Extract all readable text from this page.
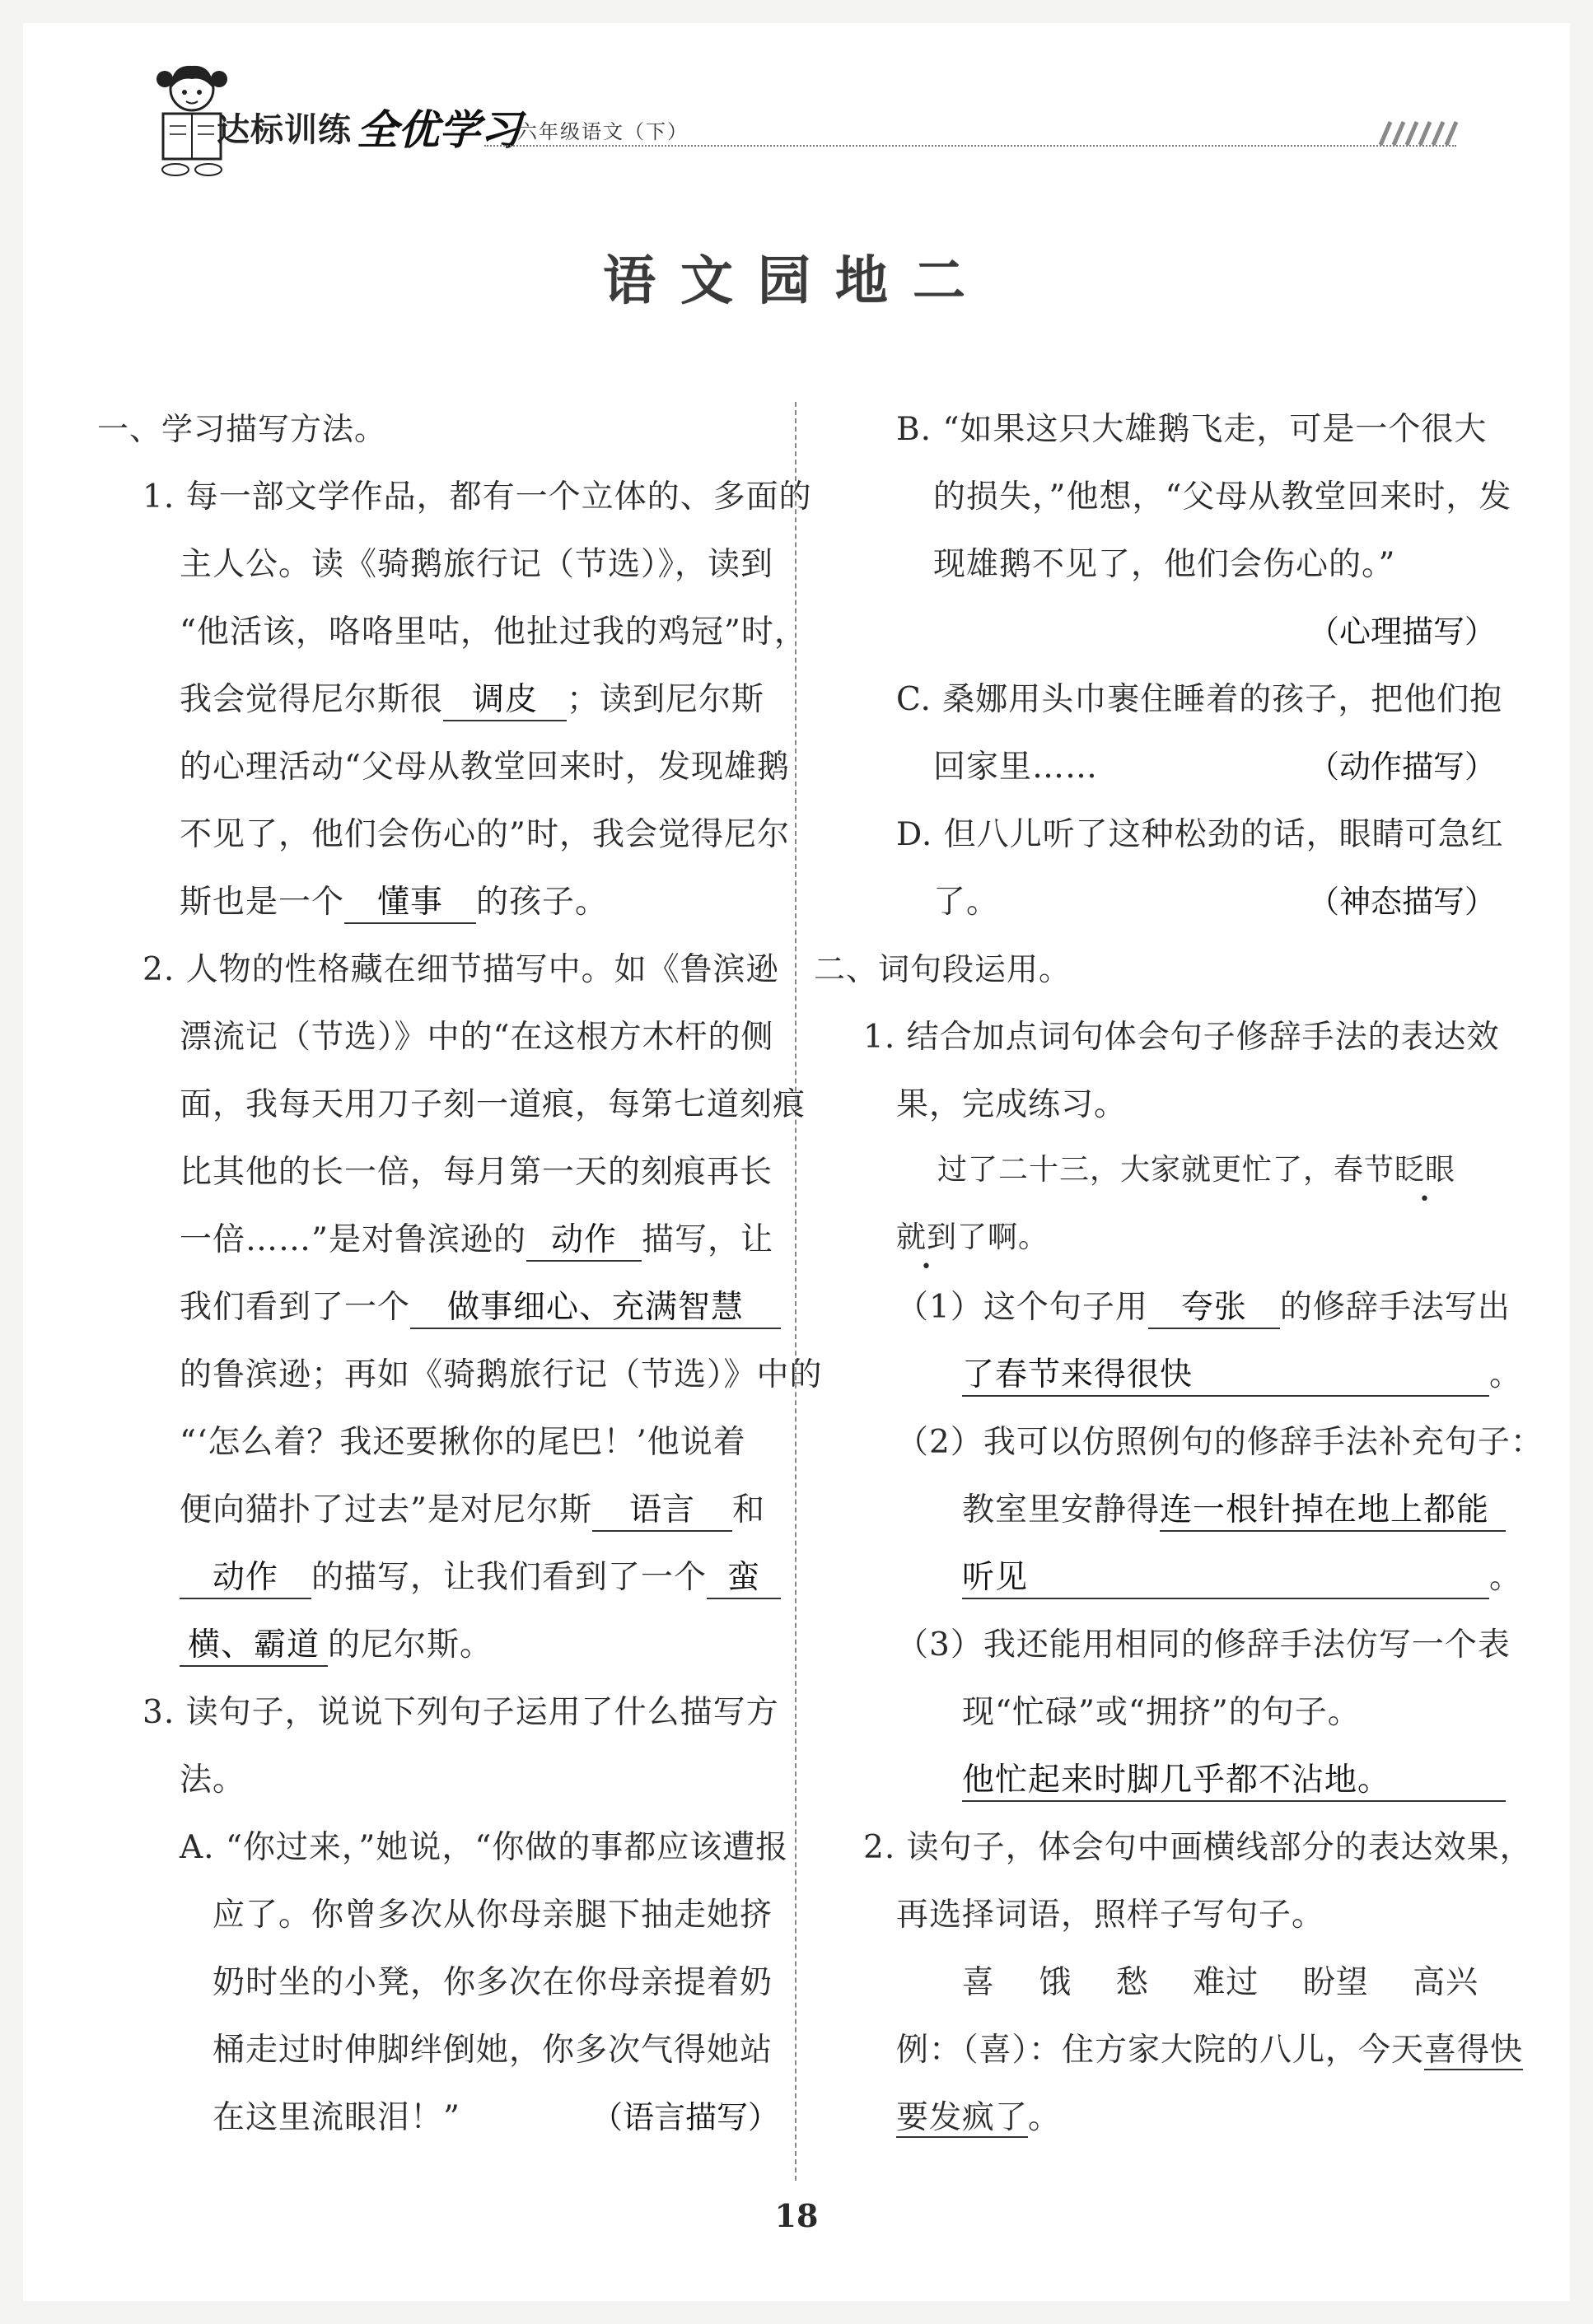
达标训练 全优学习
六年级语文（下）
语文园地二
一、学习描写方法。
1. 每一部文学作品，都有一个立体的、多面的
主人公。读《骑鹅旅行记（节选）》，读到
“他活该，咯咯里咕，他扯过我的鸡冠”时，
我会觉得尼尔斯很 调皮 ；读到尼尔斯
的心理活动“父母从教堂回来时，发现雄鹅
不见了，他们会伤心的”时，我会觉得尼尔
斯也是一个 懂事 的孩子。
2. 人物的性格藏在细节描写中。如《鲁滨逊
漂流记（节选）》中的“在这根方木杆的侧
面，我每天用刀子刻一道痕，每第七道刻痕
比其他的长一倍，每月第一天的刻痕再长
一倍……”是对鲁滨逊的 动作 描写，让
我们看到了一个 做事细心、充满智慧
的鲁滨逊；再如《骑鹅旅行记（节选）》中的
“‘怎么着？我还要揪你的尾巴！’他说着
便向猫扑了过去”是对尼尔斯 语言 和
动作 的描写，让我们看到了一个 蛮
横、霸道 的尼尔斯。
3. 读句子，说说下列句子运用了什么描写方
法。
A. “你过来，”她说，“你做的事都应该遭报
应了。你曾多次从你母亲腿下抽走她挤
奶时坐的小凳，你多次在你母亲提着奶
桶走过时伸脚绊倒她，你多次气得她站
在这里流眼泪！”	（语言描写）
B. “如果这只大雄鹅飞走，可是一个很大
的损失，”他想，“父母从教堂回来时，发
现雄鹅不见了，他们会伤心的。”
（心理描写）
C. 桑娜用头巾裹住睡着的孩子，把他们抱
回家里……	（动作描写）
D. 但八儿听了这种松劲的话，眼睛可急红
了。	（神态描写）
二、词句段运用。
1. 结合加点词句体会句子修辞手法的表达效
果，完成练习。
过了二十三，大家就更忙了，春节眨眼
就到了啊。
（1）这个句子用 夸张 的修辞手法写出
了春节来得很快	。
（2）我可以仿照例句的修辞手法补充句子：
教室里安静得连一根针掉在地上都能
听见	。
（3）我还能用相同的修辞手法仿写一个表
现“忙碌”或“拥挤”的句子。
他忙起来时脚几乎都不沾地。
2. 读句子，体会句中画横线部分的表达效果，
再选择词语，照样子写句子。
喜 饿 愁 难过 盼望 高兴
例：（喜）：住方家大院的八儿，今天喜得快
要发疯了。
18
